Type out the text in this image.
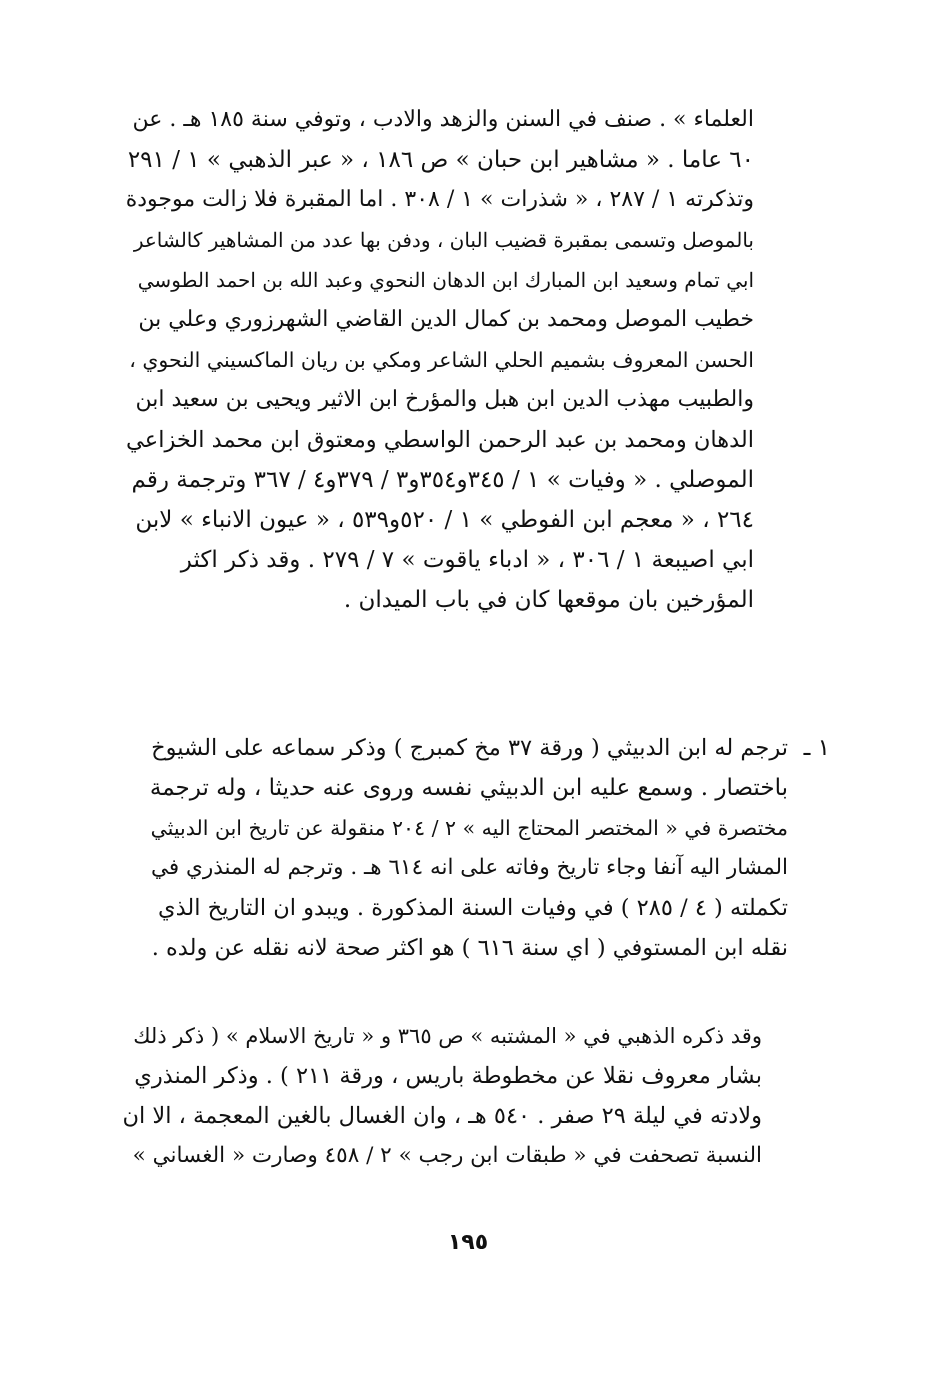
العلماء » . صنف في السنن والزهد والادب ، وتوفي سنة ١٨٥ هـ . عن
٦٠ عاما . « مشاهير ابن حبان » ص ١٨٦ ، « عبر الذهبي » ١ / ٢٩١
وتذكرته ١ / ٢٨٧ ، « شذرات » ١ / ٣٠٨ . اما المقبرة فلا زالت موجودة
بالموصل وتسمى بمقبرة قضيب البان ، ودفن بها عدد من المشاهير كالشاعر
ابي تمام وسعيد ابن المبارك ابن الدهان النحوي وعبد الله بن احمد الطوسي
خطيب الموصل ومحمد بن كمال الدين القاضي الشهرزوري وعلي بن
الحسن المعروف بشميم الحلي الشاعر ومكي بن ريان الماكسيني النحوي ،
والطبيب مهذب الدين ابن هبل والمؤرخ ابن الاثير ويحيى بن سعيد ابن
الدهان ومحمد بن عبد الرحمن الواسطي ومعتوق ابن محمد الخزاعي
الموصلي . « وفيات » ١ / ٣٤٥و٣٥٤و٣ / ٣٧٩و٤ / ٣٦٧ وترجمة رقم
٢٦٤ ، « معجم ابن الفوطي » ١ / ٥٢٠و٥٣٩ ، « عيون الانباء » لابن
ابي اصيبعة ١ / ٣٠٦ ، « ادباء ياقوت » ٧ / ٢٧٩ . وقد ذكر اكثر
المؤرخين بان موقعها كان في باب الميدان .
١ ـ
ترجم له ابن الدبيثي ( ورقة ٣٧ مخ كمبرج ) وذكر سماعه على الشيوخ
باختصار . وسمع عليه ابن الدبيثي نفسه وروى عنه حديثا ، وله ترجمة
مختصرة في « المختصر المحتاج اليه » ٢ / ٢٠٤ منقولة عن تاريخ ابن الدبيثي
المشار اليه آنفا وجاء تاريخ وفاته على انه ٦١٤ هـ . وترجم له المنذري في
تكملته ( ٤ / ٢٨٥ ) في وفيات السنة المذكورة . ويبدو ان التاريخ الذي
نقله ابن المستوفي ( اي سنة ٦١٦ ) هو اكثر صحة لانه نقله عن ولده .
وقد ذكره الذهبي في « المشتبه » ص ٣٦٥ و « تاريخ الاسلام » ( ذكر ذلك
بشار معروف نقلا عن مخطوطة باريس ، ورقة ٢١١ ) . وذكر المنذري
ولادته في ليلة ٢٩ صفر . ٥٤٠ هـ ، وان الغسال بالغين المعجمة ، الا ان
النسبة تصحفت في « طبقات ابن رجب » ٢ / ٤٥٨ وصارت « الغساني »
١٩٥
